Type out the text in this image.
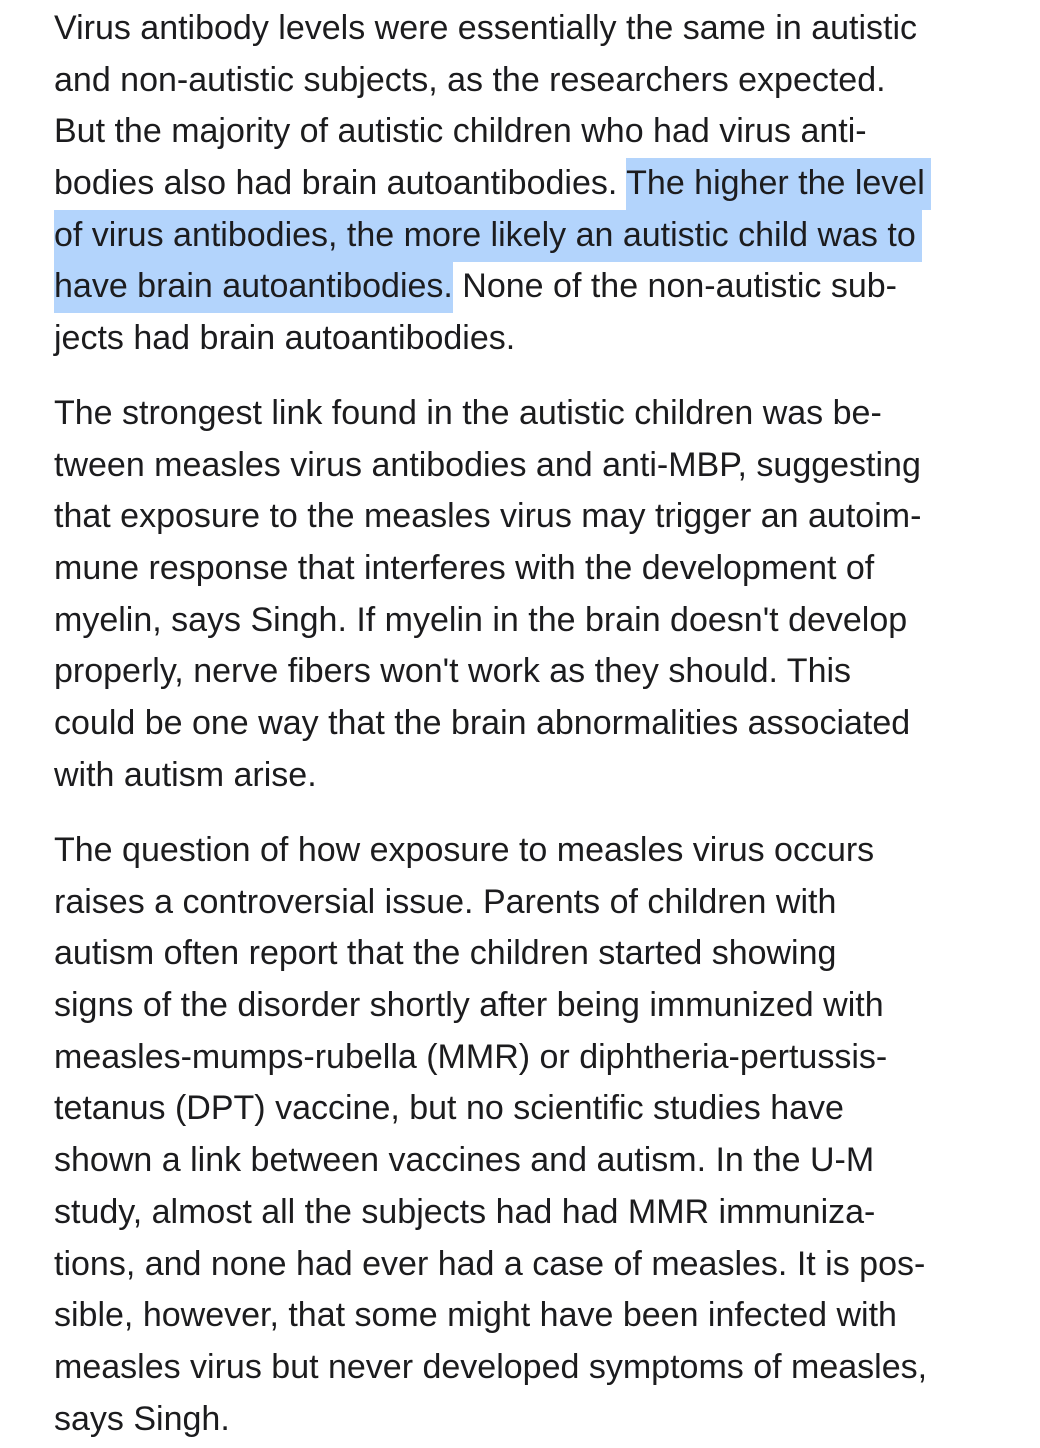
Virus antibody levels were essentially the same in autistic
and non-autistic subjects, as the researchers expected.
But the majority of autistic children who had virus anti-
bodies also had brain autoantibodies. The higher the level
of virus antibodies, the more likely an autistic child was to
have brain autoantibodies. None of the non-autistic sub-
jects had brain autoantibodies.
The strongest link found in the autistic children was be-
tween measles virus antibodies and anti-MBP, suggesting
that exposure to the measles virus may trigger an autoim-
mune response that interferes with the development of
myelin, says Singh. If myelin in the brain doesn't develop
properly, nerve fibers won't work as they should. This
could be one way that the brain abnormalities associated
with autism arise.
The question of how exposure to measles virus occurs
raises a controversial issue. Parents of children with
autism often report that the children started showing
signs of the disorder shortly after being immunized with
measles-mumps-rubella (MMR) or diphtheria-pertussis-
tetanus (DPT) vaccine, but no scientific studies have
shown a link between vaccines and autism. In the U-M
study, almost all the subjects had had MMR immuniza-
tions, and none had ever had a case of measles. It is pos-
sible, however, that some might have been infected with
measles virus but never developed symptoms of measles,
says Singh.
